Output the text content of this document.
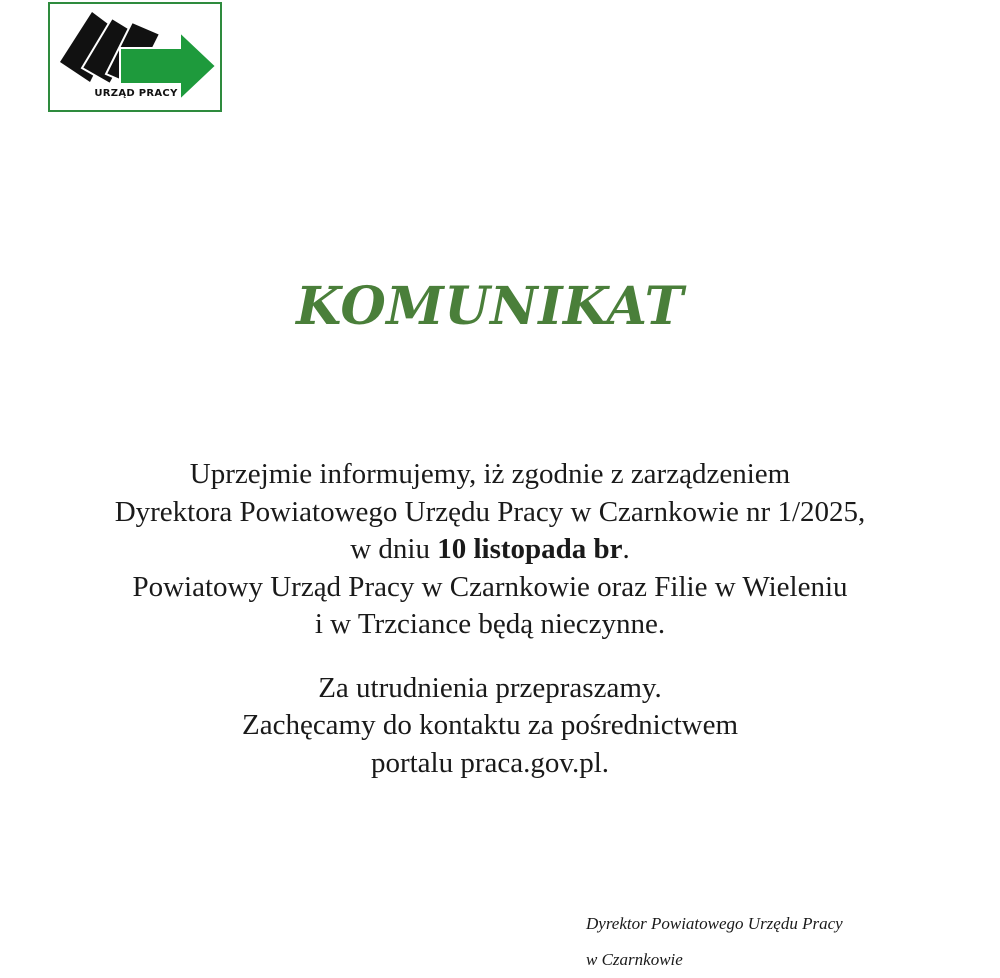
URZĄD PRACY
KOMUNIKAT
Uprzejmie informujemy, iż zgodnie z zarządzeniem
Dyrektora Powiatowego Urzędu Pracy w Czarnkowie nr 1/2025,
w dniu 10 listopada br.
Powiatowy Urząd Pracy w Czarnkowie oraz Filie w Wieleniu
i w Trzciance będą nieczynne.
Za utrudnienia przepraszamy.
Zachęcamy do kontaktu za pośrednictwem
portalu praca.gov.pl.
Dyrektor Powiatowego Urzędu Pracy
w Czarnkowie
